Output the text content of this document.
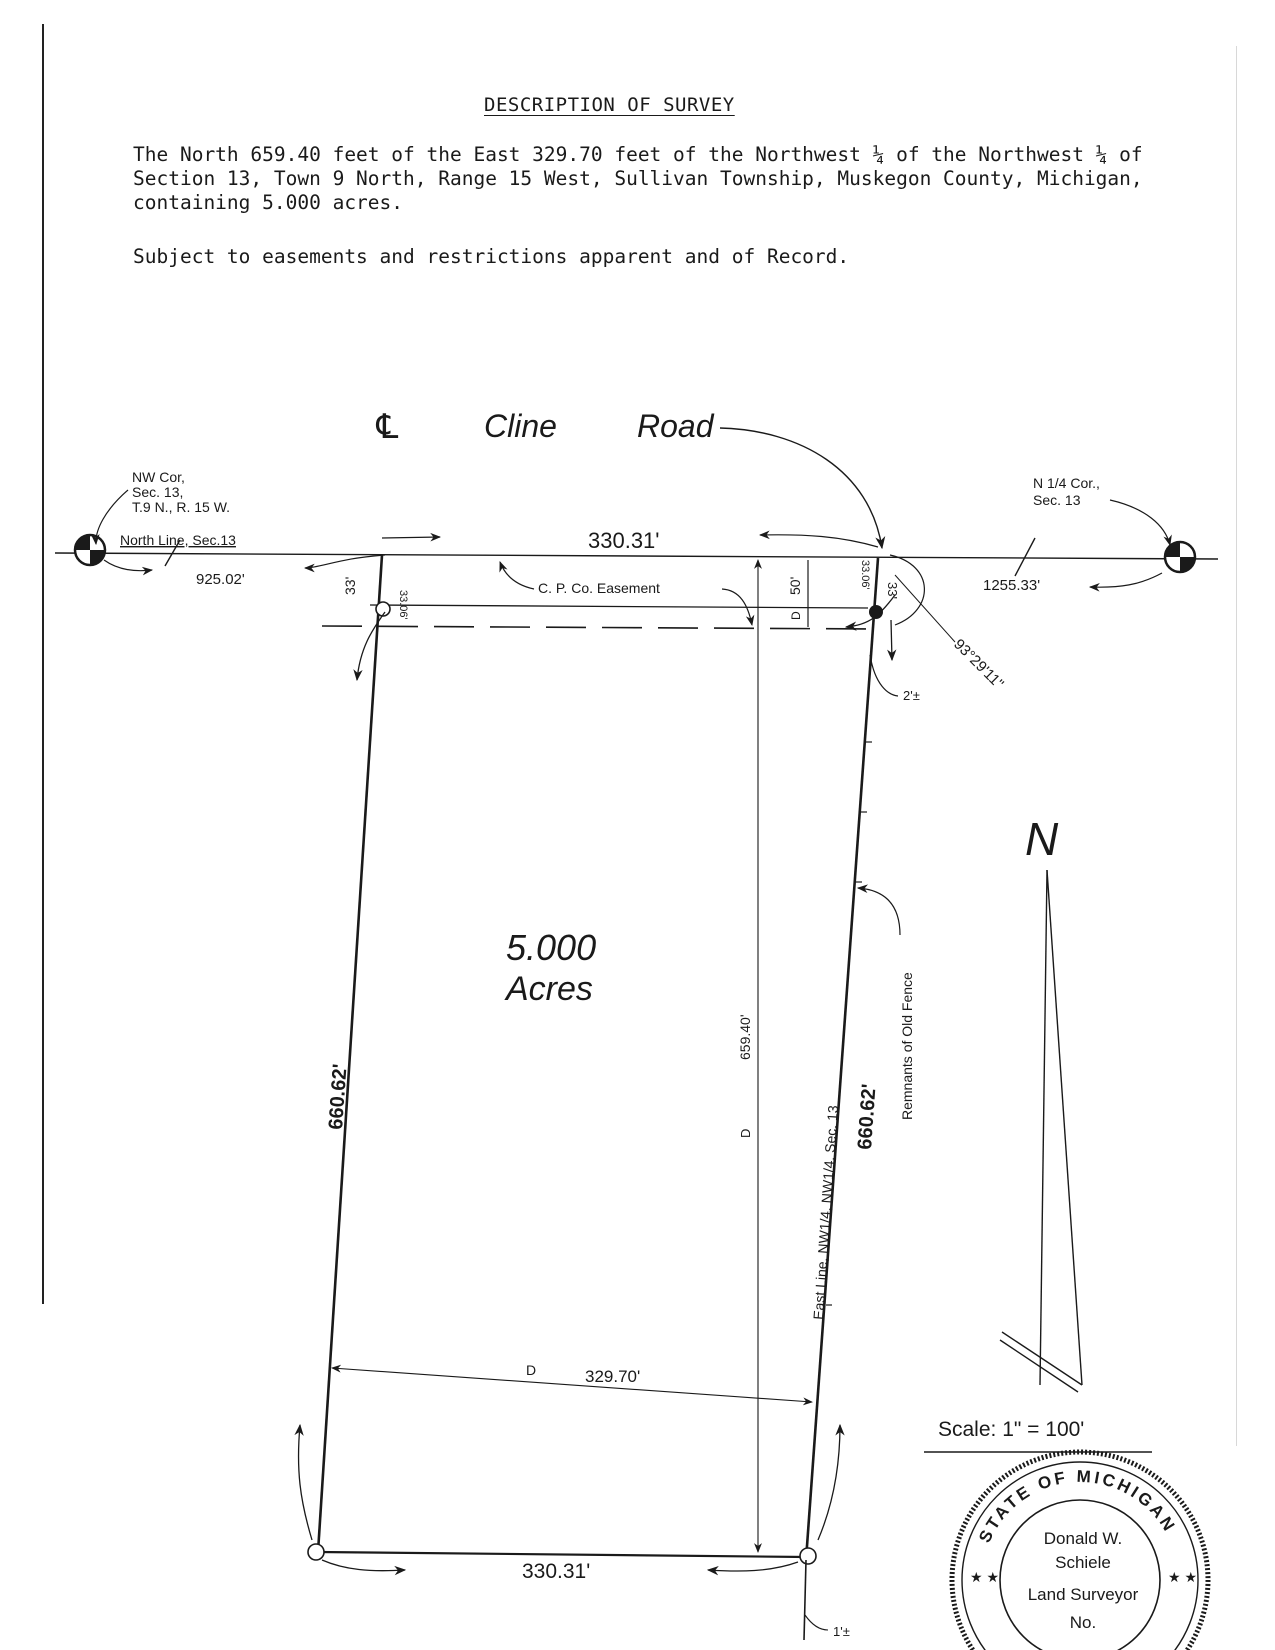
DESCRIPTION OF SURVEY

The North 659.40 feet of the East 329.70 feet of the Northwest ¼ of the Northwest ¼ of Section 13, Town 9 North, Range 15 West, Sullivan Township, Muskegon County, Michigan, containing 5.000 acres.

Subject to easements and restrictions apparent and of Record.

℄	Cline	Road
NW Cor,
Sec. 13,
T.9 N., R. 15 W.
North Line, Sec.13
925.02'
N 1/4 Cor.,
Sec. 13
1255.33'
330.31'
C. P. Co. Easement
33'
33.06'
33.06'
33'
50'
D
93°29'11"
2'±
5.000
Acres
660.62'
659.40'
D	660.62'
East Line, NW1/4, NW1/4, Sec. 13
Remnants of Old Fence
D	329.70'
330.31'
1'±
N
Scale: 1" = 100'
STATE OF MICHIGAN
★ ★	★ ★
Donald W.
Schiele
Land Surveyor
No.
